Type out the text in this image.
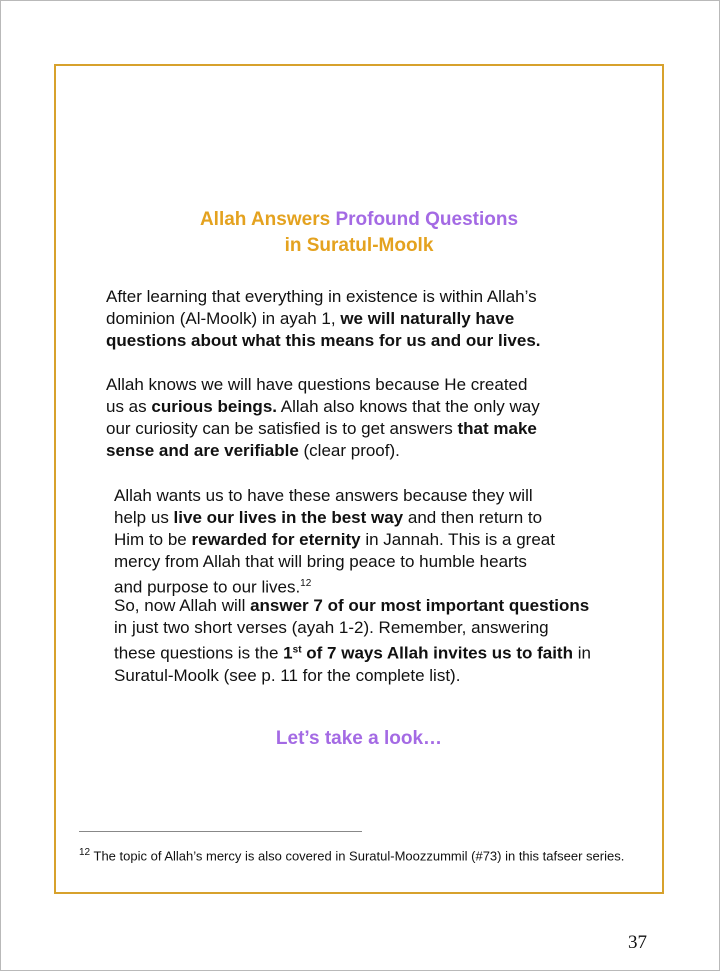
Allah Answers Profound Questions
in Suratul-Moolk
After learning that everything in existence is within Allah’s
dominion (Al-Moolk) in ayah 1, we will naturally have
questions about what this means for us and our lives.
Allah knows we will have questions because He created
us as curious beings. Allah also knows that the only way
our curiosity can be satisfied is to get answers that make
sense and are verifiable (clear proof).
Allah wants us to have these answers because they will
help us live our lives in the best way and then return to
Him to be rewarded for eternity in Jannah. This is a great
mercy from Allah that will bring peace to humble hearts
and purpose to our lives.$^{12}$
So, now Allah will answer 7 of our most important questions
in just two short verses (ayah 1-2). Remember, answering
these questions is the 1st of 7 ways Allah invites us to faith in
Suratul-Moolk (see p. 11 for the complete list).
Let’s take a look…

$^{12}$ The topic of Allah’s mercy is also covered in Suratul-Moozzummil (#73) in this tafseer series.

37
